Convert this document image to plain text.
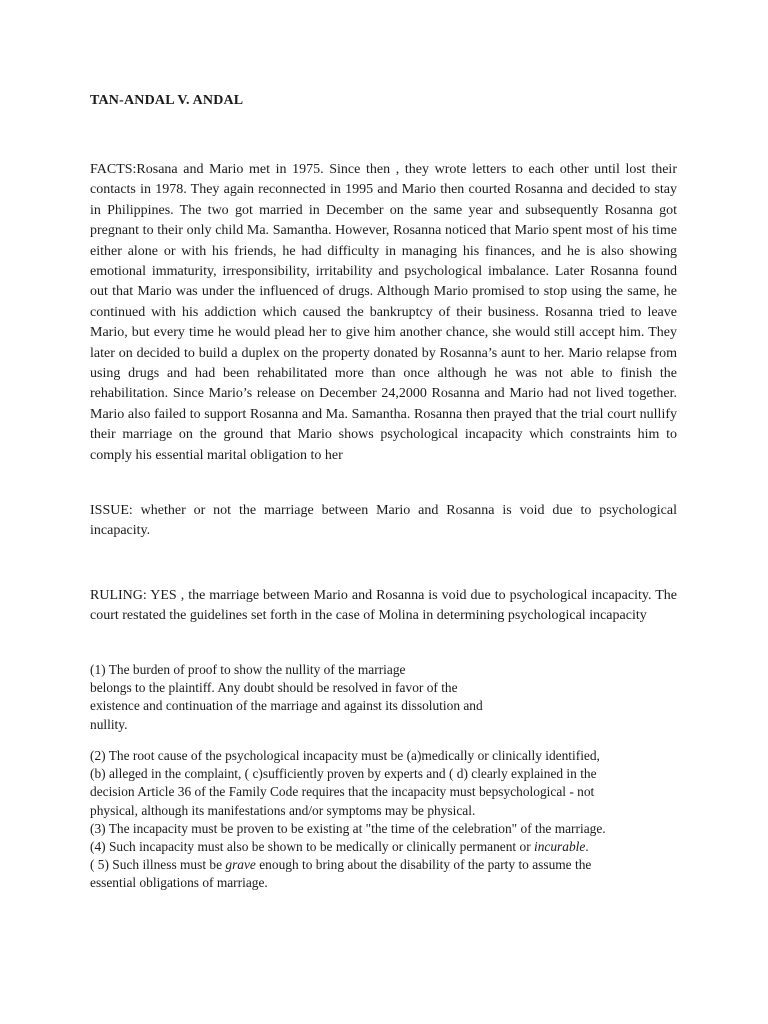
TAN-ANDAL V. ANDAL

FACTS:Rosana and Mario met in 1975. Since then , they wrote letters to each other until lost their contacts in 1978. They again reconnected in 1995 and Mario then courted Rosanna and decided to stay in Philippines. The two got married in December on the same year and subsequently Rosanna got pregnant to their only child Ma. Samantha. However, Rosanna noticed that Mario spent most of his time either alone or with his friends, he had difficulty in managing his finances, and he is also showing emotional immaturity, irresponsibility, irritability and psychological imbalance. Later Rosanna found out that Mario was under the influenced of drugs. Although Mario promised to stop using the same, he continued with his addiction which caused the bankruptcy of their business. Rosanna tried to leave Mario, but every time he would plead her to give him another chance, she would still accept him. They later on decided to build a duplex on the property donated by Rosanna’s aunt to her. Mario relapse from using drugs and had been rehabilitated more than once although he was not able to finish the rehabilitation. Since Mario’s release on December 24,2000 Rosanna and Mario had not lived together. Mario also failed to support Rosanna and Ma. Samantha. Rosanna then prayed that the trial court nullify their marriage on the ground that Mario shows psychological incapacity which constraints him to comply his essential marital obligation to her

ISSUE: whether or not the marriage between Mario and Rosanna is void due to psychological incapacity.

RULING: YES , the marriage between Mario and Rosanna is void due to psychological incapacity. The court restated the guidelines set forth in the case of Molina in determining psychological incapacity

(1) The burden of proof to show the nullity of the marriage
belongs to the plaintiff. Any doubt should be resolved in favor of the
existence and continuation of the marriage and against its dissolution and
nullity.
(2) The root cause of the psychological incapacity must be (a)medically or clinically identified,
(b) alleged in the complaint, ( c)sufficiently proven by experts and ( d) clearly explained in the
decision Article 36 of the Family Code requires that the incapacity must bepsychological - not
physical, although its manifestations and/or symptoms may be physical.
(3) The incapacity must be proven to be existing at "the time of the celebration" of the marriage.
(4) Such incapacity must also be shown to be medically or clinically permanent or incurable.
( 5) Such illness must be grave enough to bring about the disability of the party to assume the
essential obligations of marriage.
